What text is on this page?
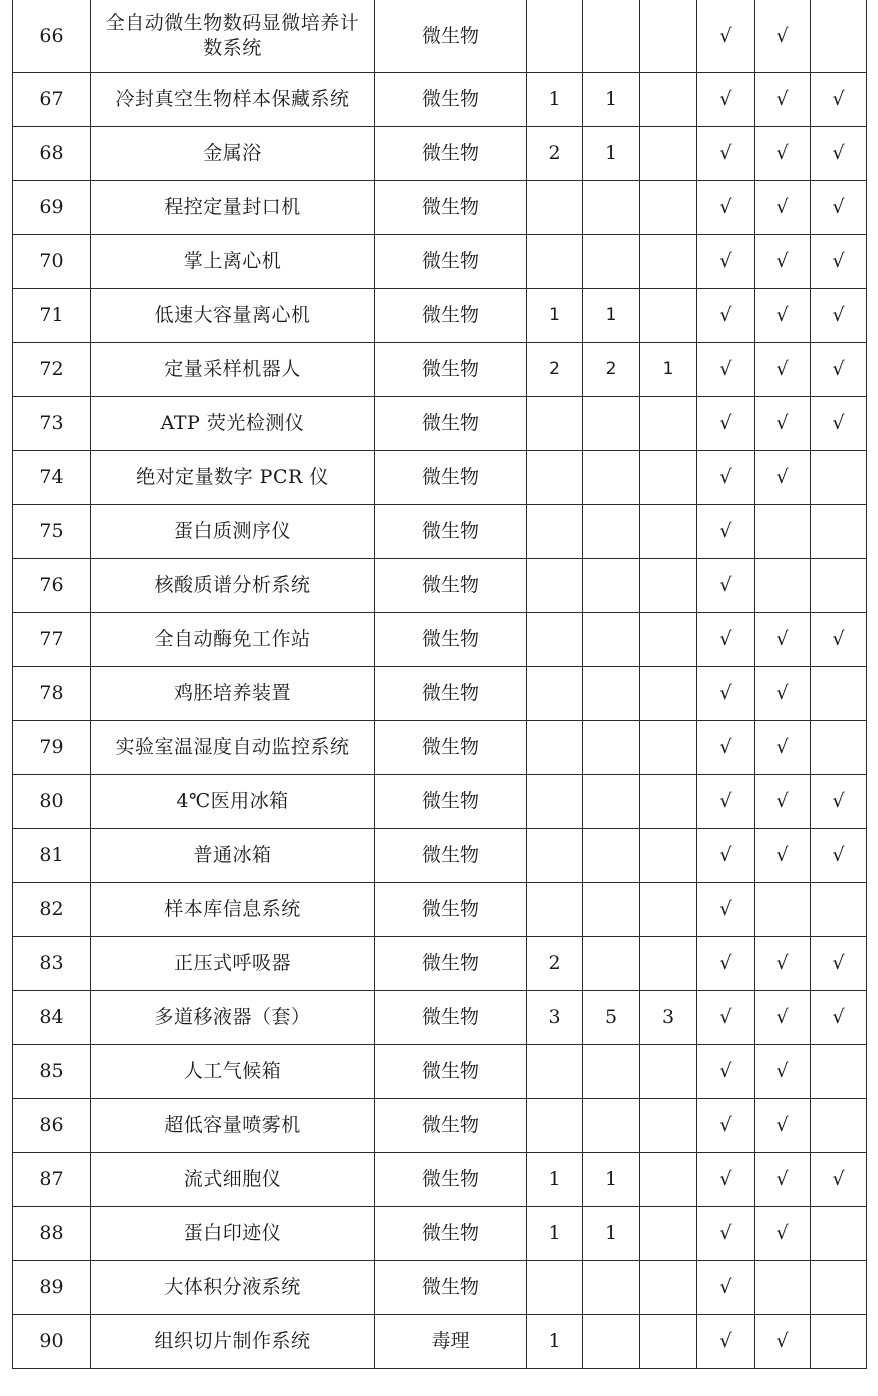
66	全自动微生物数码显微培养计数系统	微生物				√	√	
67	冷封真空生物样本保藏系统	微生物	1	1		√	√	√
68	金属浴	微生物	2	1		√	√	√
69	程控定量封口机	微生物				√	√	√
70	掌上离心机	微生物				√	√	√
71	低速大容量离心机	微生物	1	1		√	√	√
72	定量采样机器人	微生物	2	2	1	√	√	√
73	ATP 荧光检测仪	微生物				√	√	√
74	绝对定量数字 PCR 仪	微生物				√	√	
75	蛋白质测序仪	微生物				√		
76	核酸质谱分析系统	微生物				√		
77	全自动酶免工作站	微生物				√	√	√
78	鸡胚培养装置	微生物				√	√	
79	实验室温湿度自动监控系统	微生物				√	√	
80	4℃医用冰箱	微生物				√	√	√
81	普通冰箱	微生物				√	√	√
82	样本库信息系统	微生物				√		
83	正压式呼吸器	微生物	2			√	√	√
84	多道移液器（套）	微生物	3	5	3	√	√	√
85	人工气候箱	微生物				√	√	
86	超低容量喷雾机	微生物				√	√	
87	流式细胞仪	微生物	1	1		√	√	√
88	蛋白印迹仪	微生物	1	1		√	√	
89	大体积分液系统	微生物				√		
90	组织切片制作系统	毒理	1			√	√	
